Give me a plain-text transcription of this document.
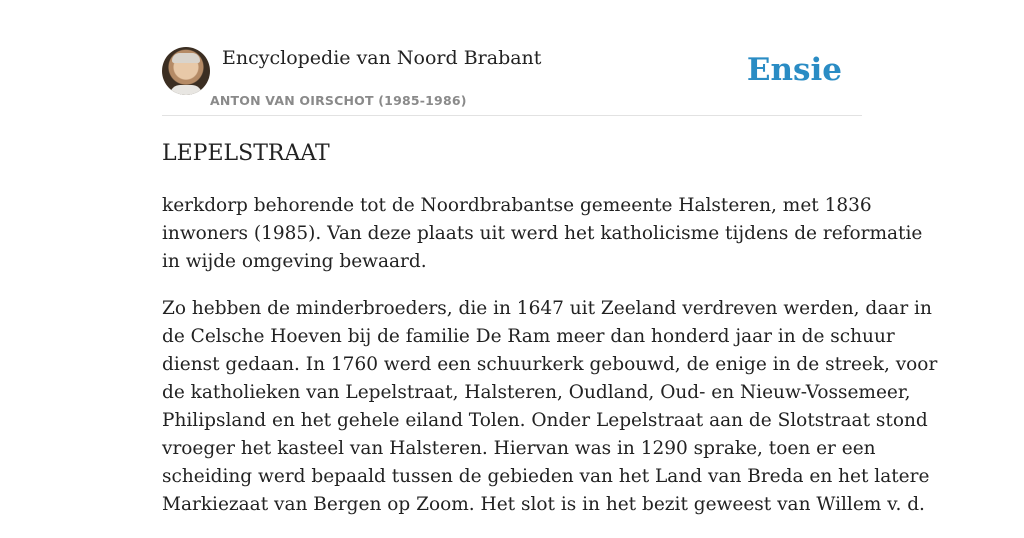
Encyclopedie van Noord Brabant
ANTON VAN OIRSCHOT (1985-1986)
Ensie
LEPELSTRAAT

kerkdorp behorende tot de Noordbrabantse gemeente Halsteren, met 1836
inwoners (1985). Van deze plaats uit werd het katholicisme tijdens de reformatie
in wijde omgeving bewaard.

Zo hebben de minderbroeders, die in 1647 uit Zeeland verdreven werden, daar in
de Celsche Hoeven bij de familie De Ram meer dan honderd jaar in de schuur
dienst gedaan. In 1760 werd een schuurkerk gebouwd, de enige in de streek, voor
de katholieken van Lepelstraat, Halsteren, Oudland, Oud- en Nieuw-Vossemeer,
Philipsland en het gehele eiland Tolen. Onder Lepelstraat aan de Slotstraat stond
vroeger het kasteel van Halsteren. Hiervan was in 1290 sprake, toen er een
scheiding werd bepaald tussen de gebieden van het Land van Breda en het latere
Markiezaat van Bergen op Zoom. Het slot is in het bezit geweest van Willem v. d.
